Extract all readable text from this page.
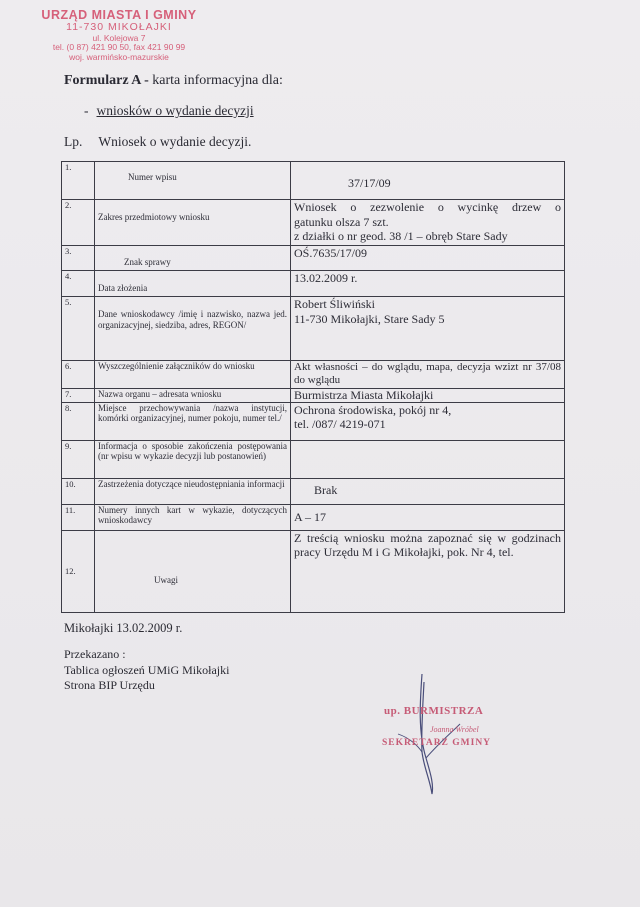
URZĄD MIASTA I GMINY
11-730 MIKOŁAJKI
ul. Kolejowa 7
tel. (0 87) 421 90 50, fax 421 90 99
woj. warmińsko-mazurskie
Formularz A - karta informacyjna dla:
- wniosków o wydanie decyzji
Lp. Wniosek o wydanie decyzji.
1.	Numer wpisu	37/17/09

2.	Zakres przedmiotowy wniosku	Wniosek o zezwolenie o wycinkę drzew o
gatunku olsza 7 szt.
z działki o nr geod. 38 /1 – obręb Stare Sady

3.	Znak sprawy	OŚ.7635/17/09
4.	Data złożenia	13.02.2009 r.
5.	Dane wnioskodawcy /imię i nazwisko, nazwa jed. organizacyjnej, siedziba, adres, REGON/	Robert Śliwiński
11-730 Mikołajki, Stare Sady 5

6.	Wyszczególnienie załączników do wniosku	Akt własności – do wglądu, mapa, decyzja wzizt nr 37/08 do wglądu

7.	Nazwa organu – adresata wniosku	Burmistrza Miasta Mikołajki
8.	Miejsce przechowywania /nazwa instytucji, komórki organizacyjnej, numer pokoju, numer tel./	Ochrona środowiska, pokój nr 4,
tel. /087/ 4219-071

9.	Informacja o sposobie zakończenia postępowania (nr wpisu w wykazie decyzji lub postanowień)	

10.	Zastrzeżenia dotyczące nieudostępniania informacji	Brak

11.	Numery innych kart w wykazie, dotyczących wnioskodawcy	A – 17

12.	Uwagi	Z treścią wniosku można zapoznać się w godzinach pracy Urzędu M i G Mikołajki, pok. Nr 4, tel.
Mikołajki 13.02.2009 r.
Przekazano :
Tablica ogłoszeń UMiG Mikołajki
Strona BIP Urzędu
up. BURMISTRZA
Joanna Wróbel
SEKRETARZ GMINY
